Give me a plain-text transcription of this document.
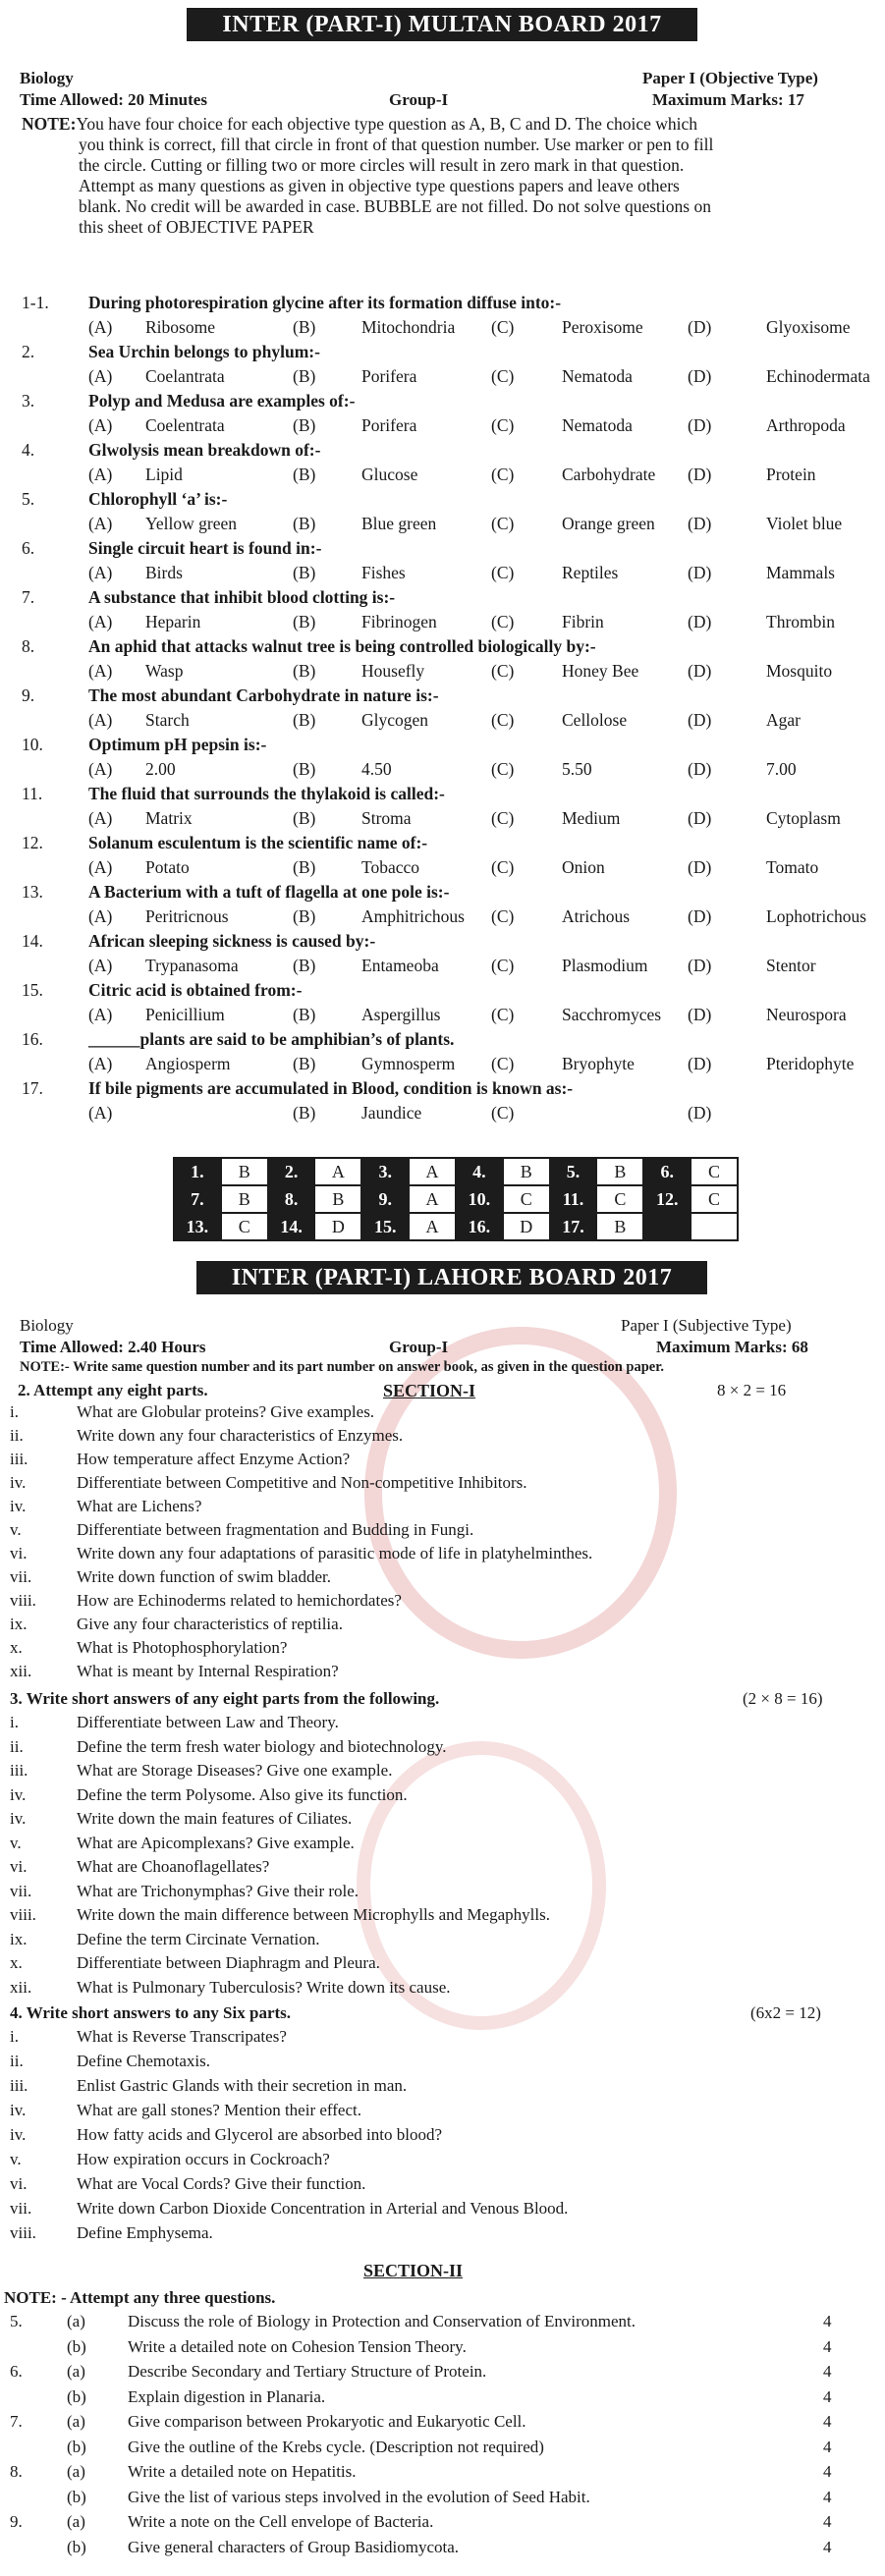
INTER (PART-I) MULTAN BOARD 2017
Biology	Paper I (Objective Type)
Time Allowed: 20 Minutes	Group-I	Maximum Marks: 17
NOTE:You have four choice for each objective type question as A, B, C and D. The choice which
you think is correct, fill that circle in front of that question number. Use marker or pen to fill
the circle. Cutting or filling two or more circles will result in zero mark in that question.
Attempt as many questions as given in objective type questions papers and leave others
blank. No credit will be awarded in case. BUBBLE are not filled. Do not solve questions on
this sheet of OBJECTIVE PAPER
1-1. During photorespiration glycine after its formation diffuse into:-
(A) Ribosome	(B)	Mitochondria (C)	Peroxisome	(D)	Glyoxisome
2.	Sea Urchin belongs to phylum:-
(A) Coelantrata	(B)	Porifera	(C)	Nematoda	(D)	Echinodermata
3.	Polyp and Medusa are examples of:-
(A) Coelentrata	(B)	Porifera	(C)	Nematoda	(D)	Arthropoda
4.	Glwolysis mean breakdown of:-
(A) Lipid	(B)	Glucose	(C)	Carbohydrate (D)	Protein
5.	Chlorophyll ‘a’ is:-
(A) Yellow green	(B)	Blue green	(C)	Orange green (D)	Violet blue
6.	Single circuit heart is found in:-
(A) Birds	(B)	Fishes	(C)	Reptiles	(D)	Mammals
7.	A substance that inhibit blood clotting is:-
(A) Heparin	(B)	Fibrinogen	(C)	Fibrin	(D)	Thrombin
8.	An aphid that attacks walnut tree is being controlled biologically by:-
(A) Wasp	(B)	Housefly	(C)	Honey Bee	(D)	Mosquito
9.	The most abundant Carbohydrate in nature is:-
(A) Starch	(B)	Glycogen	(C)	Cellolose	(D)	Agar
10.	Optimum pH pepsin is:-
(A) 2.00	(B)	4.50	(C)	5.50	(D)	7.00
11.	The fluid that surrounds the thylakoid is called:-
(A) Matrix	(B)	Stroma	(C)	Medium	(D)	Cytoplasm
12.	Solanum esculentum is the scientific name of:-
(A) Potato	(B)	Tobacco	(C)	Onion	(D)	Tomato
13.	A Bacterium with a tuft of flagella at one pole is:-
(A) Peritricnous	(B)	Amphitrichous (C)	Atrichous	(D)	Lophotrichous
14.	African sleeping sickness is caused by:-
(A) Trypanasoma	(B)	Entameoba	(C)	Plasmodium (D)	Stentor
15.	Citric acid is obtained from:-
(A) Penicillium	(B)	Aspergillus	(C)	Sacchromyces (D)	Neurospora
16.	______plants are said to be amphibian’s of plants.
(A) Angiosperm	(B)	Gymnosperm (C)	Bryophyte	(D)	Pteridophyte
17.	If bile pigments are accumulated in Blood, condition is known as:-
(A)	(B)	Jaundice	(C)	(D)
1.	B	2.	A	3.	A	4.	B	5.	B	6.	C
7.	B	8.	B	9.	A	10.	C	11.	C	12.	C
13.	C	14.	D	15.	A	16.	D	17.	B		
INTER (PART-I) LAHORE BOARD 2017
Biology	Paper I (Subjective Type)
Time Allowed: 2.40 Hours	Group-I	Maximum Marks: 68
NOTE:- Write same question number and its part number on answer book, as given in the question paper.
2. Attempt any eight parts.	SECTION-I	8 × 2 = 16
i.	What are Globular proteins? Give examples.
ii.	Write down any four characteristics of Enzymes.
iii.	How temperature affect Enzyme Action?
iv.	Differentiate between Competitive and Non-competitive Inhibitors.
iv.	What are Lichens?
v.	Differentiate between fragmentation and Budding in Fungi.
vi.	Write down any four adaptations of parasitic mode of life in platyhelminthes.
vii.	Write down function of swim bladder.
viii. How are Echinoderms related to hemichordates?
ix.	Give any four characteristics of reptilia.
x.	What is Photophosphorylation?
xii.	What is meant by Internal Respiration?
3. Write short answers of any eight parts from the following.	(2 × 8 = 16)
i.	Differentiate between Law and Theory.
ii.	Define the term fresh water biology and biotechnology.
iii.	What are Storage Diseases? Give one example.
iv.	Define the term Polysome. Also give its function.
iv.	Write down the main features of Ciliates.
v.	What are Apicomplexans? Give example.
vi.	What are Choanoflagellates?
vii.	What are Trichonymphas? Give their role.
viii. Write down the main difference between Microphylls and Megaphylls.
ix.	Define the term Circinate Vernation.
x.	Differentiate between Diaphragm and Pleura.
xii.	What is Pulmonary Tuberculosis? Write down its cause.
4. Write short answers to any Six parts.	(6x2 = 12)
i.	What is Reverse Transcripates?
ii.	Define Chemotaxis.
iii.	Enlist Gastric Glands with their secretion in man.
iv.	What are gall stones? Mention their effect.
iv.	How fatty acids and Glycerol are absorbed into blood?
v.	How expiration occurs in Cockroach?
vi.	What are Vocal Cords? Give their function.
vii.	Write down Carbon Dioxide Concentration in Arterial and Venous Blood.
viii. Define Emphysema.
SECTION-II
NOTE: - Attempt any three questions.
5.	(a)	Discuss the role of Biology in Protection and Conservation of Environment.	4
(b) Write a detailed note on Cohesion Tension Theory.	4
6.	(a)	Describe Secondary and Tertiary Structure of Protein.	4
(b) Explain digestion in Planaria.	4
7.	(a)	Give comparison between Prokaryotic and Eukaryotic Cell.	4
(b) Give the outline of the Krebs cycle. (Description not required)	4
8.	(a)	Write a detailed note on Hepatitis.	4
(b) Give the list of various steps involved in the evolution of Seed Habit.	4
9.	(a)	Write a note on the Cell envelope of Bacteria.	4
(b) Give general characters of Group Basidiomycota.	4
